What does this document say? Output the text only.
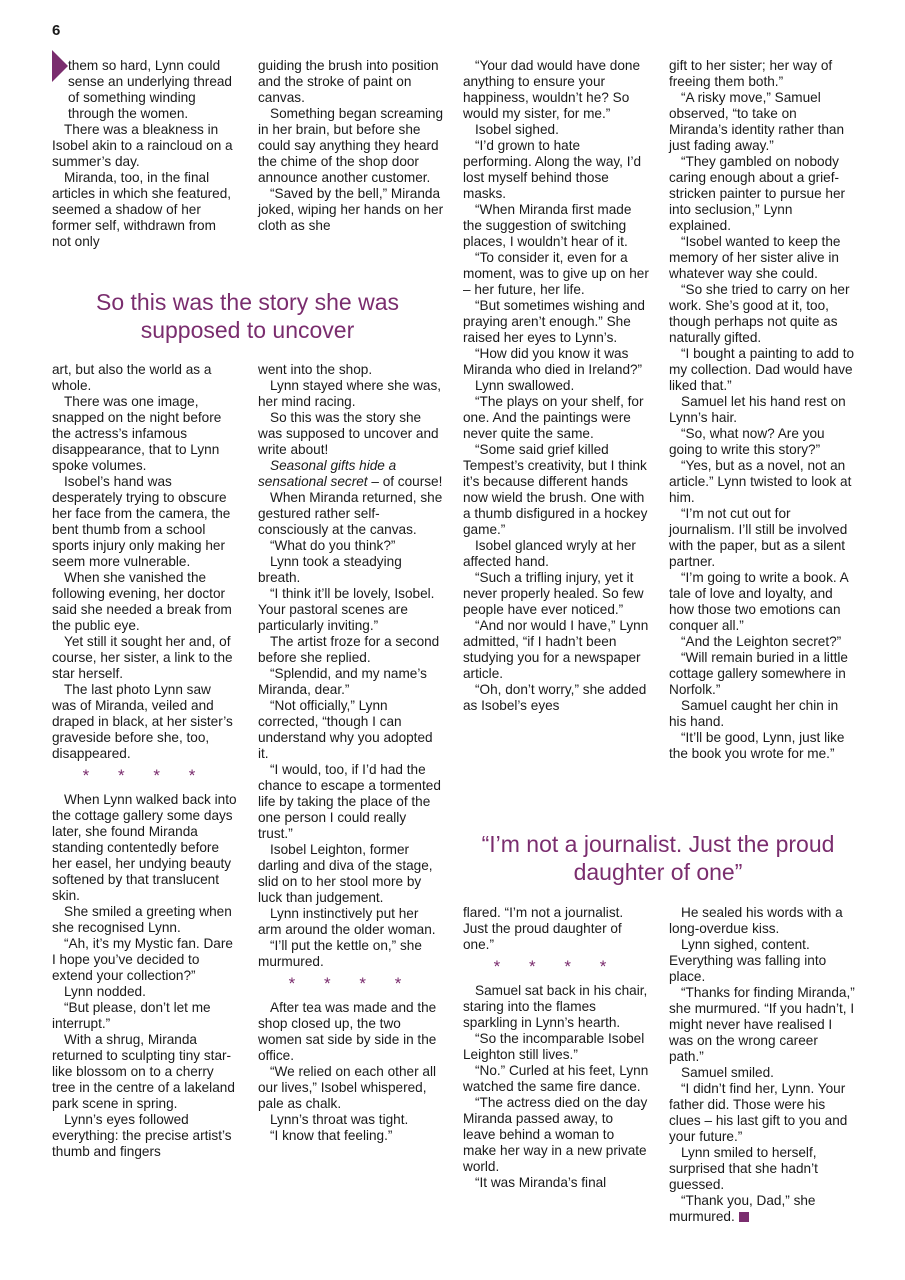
6

them so hard, Lynn could sense an underlying thread of something winding through the women.

There was a bleakness in Isobel akin to a raincloud on a summer’s day.

Miranda, too, in the final articles in which she featured, seemed a shadow of her former self, withdrawn from not only

So this was the story she was supposed to uncover

art, but also the world as a whole.

There was one image, snapped on the night before the actress’s infamous disappearance, that to Lynn spoke volumes.

Isobel’s hand was desperately trying to obscure her face from the camera, the bent thumb from a school sports injury only making her seem more vulnerable.

When she vanished the following evening, her doctor said she needed a break from the public eye.

Yet still it sought her and, of course, her sister, a link to the star herself.

The last photo Lynn saw was of Miranda, veiled and draped in black, at her sister’s graveside before she, too, disappeared.

* * * *

When Lynn walked back into the cottage gallery some days later, she found Miranda standing contentedly before her easel, her undying beauty softened by that translucent skin.

She smiled a greeting when she recognised Lynn.

“Ah, it’s my Mystic fan. Dare I hope you’ve decided to extend your collection?”

Lynn nodded.

“But please, don’t let me interrupt.”

With a shrug, Miranda returned to sculpting tiny star-like blossom on to a cherry tree in the centre of a lakeland park scene in spring.

Lynn’s eyes followed everything: the precise artist’s thumb and fingers

guiding the brush into position and the stroke of paint on canvas.

Something began screaming in her brain, but before she could say anything they heard the chime of the shop door announce another customer.

“Saved by the bell,” Miranda joked, wiping her hands on her cloth as she

went into the shop.

Lynn stayed where she was, her mind racing.

So this was the story she was supposed to uncover and write about!

Seasonal gifts hide a sensational secret – of course!

When Miranda returned, she gestured rather self-consciously at the canvas.

“What do you think?”

Lynn took a steadying breath.

“I think it’ll be lovely, Isobel. Your pastoral scenes are particularly inviting.”

The artist froze for a second before she replied.

“Splendid, and my name’s Miranda, dear.”

“Not officially,” Lynn corrected, “though I can understand why you adopted it.

“I would, too, if I’d had the chance to escape a tormented life by taking the place of the one person I could really trust.”

Isobel Leighton, former darling and diva of the stage, slid on to her stool more by luck than judgement.

Lynn instinctively put her arm around the older woman.

“I’ll put the kettle on,” she murmured.

* * * *

After tea was made and the shop closed up, the two women sat side by side in the office.

“We relied on each other all our lives,” Isobel whispered, pale as chalk.

Lynn’s throat was tight.

“I know that feeling.”

“Your dad would have done anything to ensure your happiness, wouldn’t he? So would my sister, for me.”

Isobel sighed.

“I’d grown to hate performing. Along the way, I’d lost myself behind those masks.

“When Miranda first made the suggestion of switching places, I wouldn’t hear of it.

“To consider it, even for a moment, was to give up on her – her future, her life.

“But sometimes wishing and praying aren’t enough.” She raised her eyes to Lynn’s.

“How did you know it was Miranda who died in Ireland?”

Lynn swallowed.

“The plays on your shelf, for one. And the paintings were never quite the same.

“Some said grief killed Tempest’s creativity, but I think it’s because different hands now wield the brush. One with a thumb disfigured in a hockey game.”

Isobel glanced wryly at her affected hand.

“Such a trifling injury, yet it never properly healed. So few people have ever noticed.”

“And nor would I have,” Lynn admitted, “if I hadn’t been studying you for a newspaper article.

“Oh, don’t worry,” she added as Isobel’s eyes

“I’m not a journalist. Just the proud daughter of one”

flared. “I’m not a journalist. Just the proud daughter of one.”

* * * *

Samuel sat back in his chair, staring into the flames sparkling in Lynn’s hearth.

“So the incomparable Isobel Leighton still lives.”

“No.” Curled at his feet, Lynn watched the same fire dance.

“The actress died on the day Miranda passed away, to leave behind a woman to make her way in a new private world.

“It was Miranda’s final

gift to her sister; her way of freeing them both.”

“A risky move,” Samuel observed, “to take on Miranda’s identity rather than just fading away.”

“They gambled on nobody caring enough about a grief-stricken painter to pursue her into seclusion,” Lynn explained.

“Isobel wanted to keep the memory of her sister alive in whatever way she could.

“So she tried to carry on her work. She’s good at it, too, though perhaps not quite as naturally gifted.

“I bought a painting to add to my collection. Dad would have liked that.”

Samuel let his hand rest on Lynn’s hair.

“So, what now? Are you going to write this story?”

“Yes, but as a novel, not an article.” Lynn twisted to look at him.

“I’m not cut out for journalism. I’ll still be involved with the paper, but as a silent partner.

“I’m going to write a book. A tale of love and loyalty, and how those two emotions can conquer all.”

“And the Leighton secret?”

“Will remain buried in a little cottage gallery somewhere in Norfolk.”

Samuel caught her chin in his hand.

“It’ll be good, Lynn, just like the book you wrote for me.”

He sealed his words with a long-overdue kiss.

Lynn sighed, content. Everything was falling into place.

“Thanks for finding Miranda,” she murmured. “If you hadn’t, I might never have realised I was on the wrong career path.”

Samuel smiled.

“I didn’t find her, Lynn. Your father did. Those were his clues – his last gift to you and your future.”

Lynn smiled to herself, surprised that she hadn’t guessed.

“Thank you, Dad,” she murmured.
